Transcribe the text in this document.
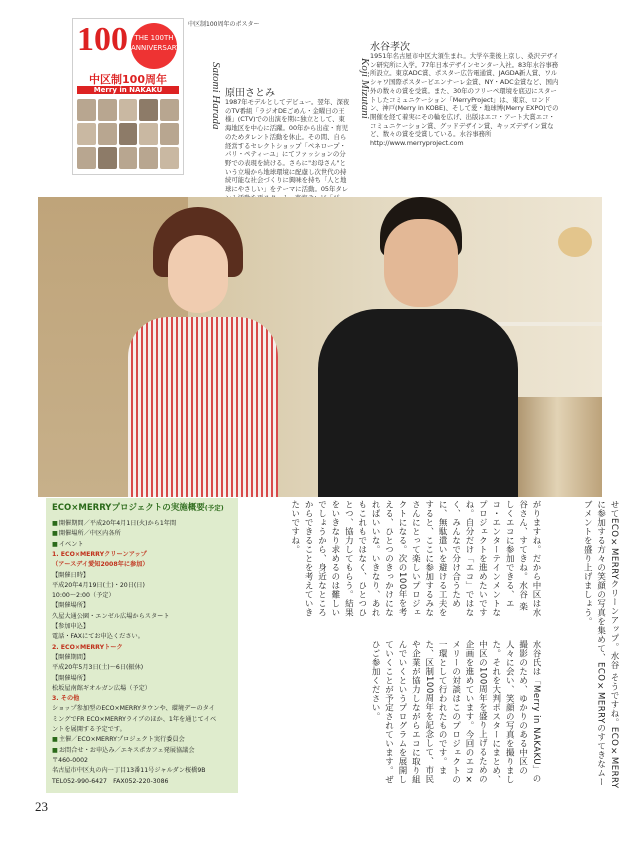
100 THE 100TH ANNIVERSARY
中区制100周年
Merry in NAKAKU
中区制100周年のポスター
Satomi Harada 原田さとみ
1987年モデルとしてデビュー。翌年、深夜のTV番組「ラジオDEごめん・金曜日の王様」(CTV)での出演を期に独立として、東海地区を中心に活躍。00年から出産・育児のためタレント活動を休止。その間、自ら経営するセレクトショップ「ペネロープ・パリ・ペティーユ」にてファッションの分野での表現を続ける。さらに"お母さん"という立場から地球環境に配慮し次世代の持続可能な社会づくりに興味を持ち「人と地球にやさしい」をテーマに活動。05年タレ
Koji Mizutani
水谷孝次
1951年名古屋市中区大須生まれ。大学卒業後上京し、桑沢デザイン研究所に入学。77年日本デザインセンター入社。83年水谷事務所設立。東京ADC賞、ポスター広告電通賞、JAGDA新人賞、ワルシャワ国際ポスタービエンナーレ金賞、NY・ADC金賞など、国内外の数々の賞を受賞。また、30年のフリーペ環境を底辺にスタートしたコミュニケーション「MerryProject」は、東京、ロンドン、神戸(Merry in KOBE)、そして愛・地球博(Merry EXPO)での開催を経て着実にその輪を広げ、出版はエコ・アート大賞エコ・コミュニケーション賞、グッドデザイン賞、キッズデザイン賞など、数々の賞を受賞している。水谷事務所 http://www.merryproject.com
ECO×MERRYプロジェクトの実施概要(予定)
■ 開催期間／平成20年4月1日(火)から1年間
■ 開催場所／中区内各所
■ イベント
1. ECO×MERRYクリーンアップ
（アースデイ愛知2008年に参加）
【開催日時】
平成20年4月19日(土)・20日(日)
10:00〜2:00（予定）
【開催場所】
久屋大通公園・エンゼル広場からスタート
【参加申込】
電話・FAXにてお申込ください。
2. ECO×MERRYトーク
【開催期間】
平成20年5月3日(土)〜6日(振休)
【開催場所】
松坂屋南館ギオルガン広場（予定）
3. その他
ショップ参加型のECO×MERRYタウンや、環境デーのタイ
ミングでFR ECO×MERRYライブのほか、1年を通じてイベ
ントを展開する予定です。
■ 主催／ECO×MERRYプロジェクト実行委員会
■ お問合せ・お申込み／エキスポカフェ発展協議会
〒460-0002
名古屋市中区丸の内一丁目13番11号ジャルダン桜橋9B
TEL052-990-6427　FAX052-220-3086
がりますね。だから中区は水谷さん、すてきね。水谷 楽しくエコに参加できる、エコ・エンターテインメントなプロジェクトを進めたいですね。自分だけ「エコ」ではなく、みんなで分け合うために、無駄遣いを避ける工夫をすると、ここに参加するみなさんにとって楽しいプロジェクトになる。次の100年を考える、ひとつのきっかけになればいいな。いきなり、あれもこれもではなく、ひとつひとつ、協力してもらう。結果をいきなり求めるのは難しいでしょうから、身近なところからできることを考えていきたいですね。
水谷氏は「Merry in NAKAKU」の撮影のため、ゆかりのある中区の人々に会い、笑顔の写真を撮りました。それを大判ポスターにまとめ、中区の100周年を盛り上げるための企画を進めています。今回のエコ×メリーの対談はこのプロジェクトの一環として行われたものです。また、区制100周年を記念して、市民や企業が協力しながらエコに取り組んでいくというプログラムを展開していくことが予定されています。ぜひご参加ください。	せてECO×MERRYクリーンアップ。水谷 そうですね。ECO×MERRYに参加する方々の笑顔の写真を集めて、ECO×MERRYのすてきなムーブメントを盛り上げましょう。
23
